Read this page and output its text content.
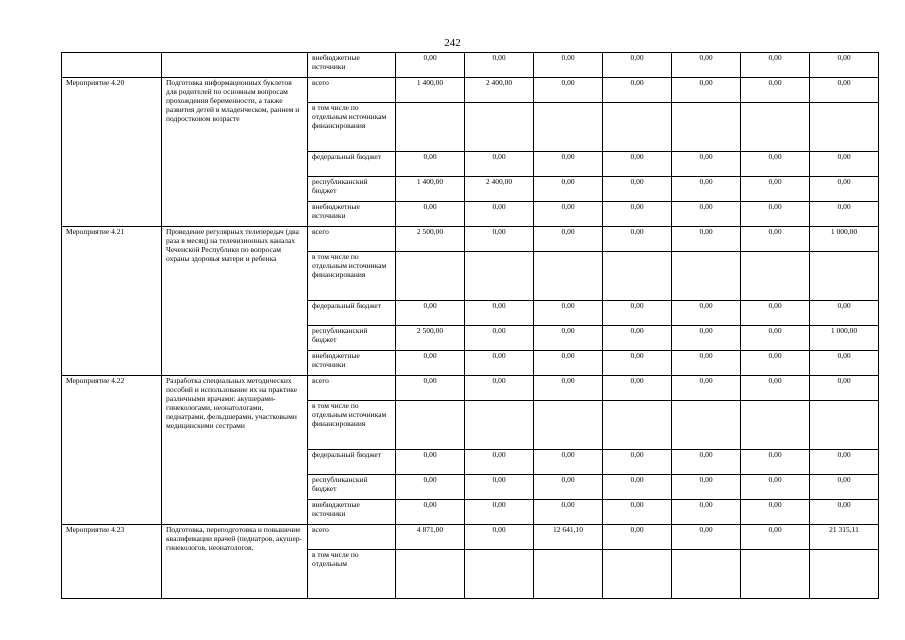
242
		внебюджетные источники	0,00	0,00	0,00	0,00	0,00	0,00	0,00
Мероприятие 4.20	Подготовка информационных буклетов для родителей по основным вопросам прохождения беременности, а также развития детей в младенческом, раннем и подростковом возрасте	всего	1 400,00	2 400,00	0,00	0,00	0,00	0,00	0,00
		в том числе по отдельным источникам финансирования							
		федеральный бюджет	0,00	0,00	0,00	0,00	0,00	0,00	0,00
		республиканский бюджет	1 400,00	2 400,00	0,00	0,00	0,00	0,00	0,00
		внебюджетные источники	0,00	0,00	0,00	0,00	0,00	0,00	0,00
Мероприятие 4.21	Проведение регулярных телепередач (два раза в месяц) на телевизионных каналах Чеченской Республики по вопросам охраны здоровья матери и ребенка	всего	2 500,00	0,00	0,00	0,00	0,00	0,00	1 000,00
		в том числе по отдельным источникам финансирования							
		федеральный бюджет	0,00	0,00	0,00	0,00	0,00	0,00	0,00
		республиканский бюджет	2 500,00	0,00	0,00	0,00	0,00	0,00	1 000,00
		внебюджетные источники	0,00	0,00	0,00	0,00	0,00	0,00	0,00
Мероприятие 4.22	Разработка специальных методических пособий и использование их на практике различными врачами: акушерами-гинекологами, неонатологами, педиатрами, фельдшерами, участковыми медицинскими сестрами	всего	0,00	0,00	0,00	0,00	0,00	0,00	0,00
		в том числе по отдельным источникам финансирования							
		федеральный бюджет	0,00	0,00	0,00	0,00	0,00	0,00	0,00
		республиканский бюджет	0,00	0,00	0,00	0,00	0,00	0,00	0,00
		внебюджетные источники	0,00	0,00	0,00	0,00	0,00	0,00	0,00
Мероприятие 4.23	Подготовка, переподготовка и повышение квалификации врачей (педиатров, акушер-гинекологов, неонатологов,	всего	4 871,00	0,00	12 641,10	0,00	0,00	0,00	21 315,11
		в том числе по отдельным							
